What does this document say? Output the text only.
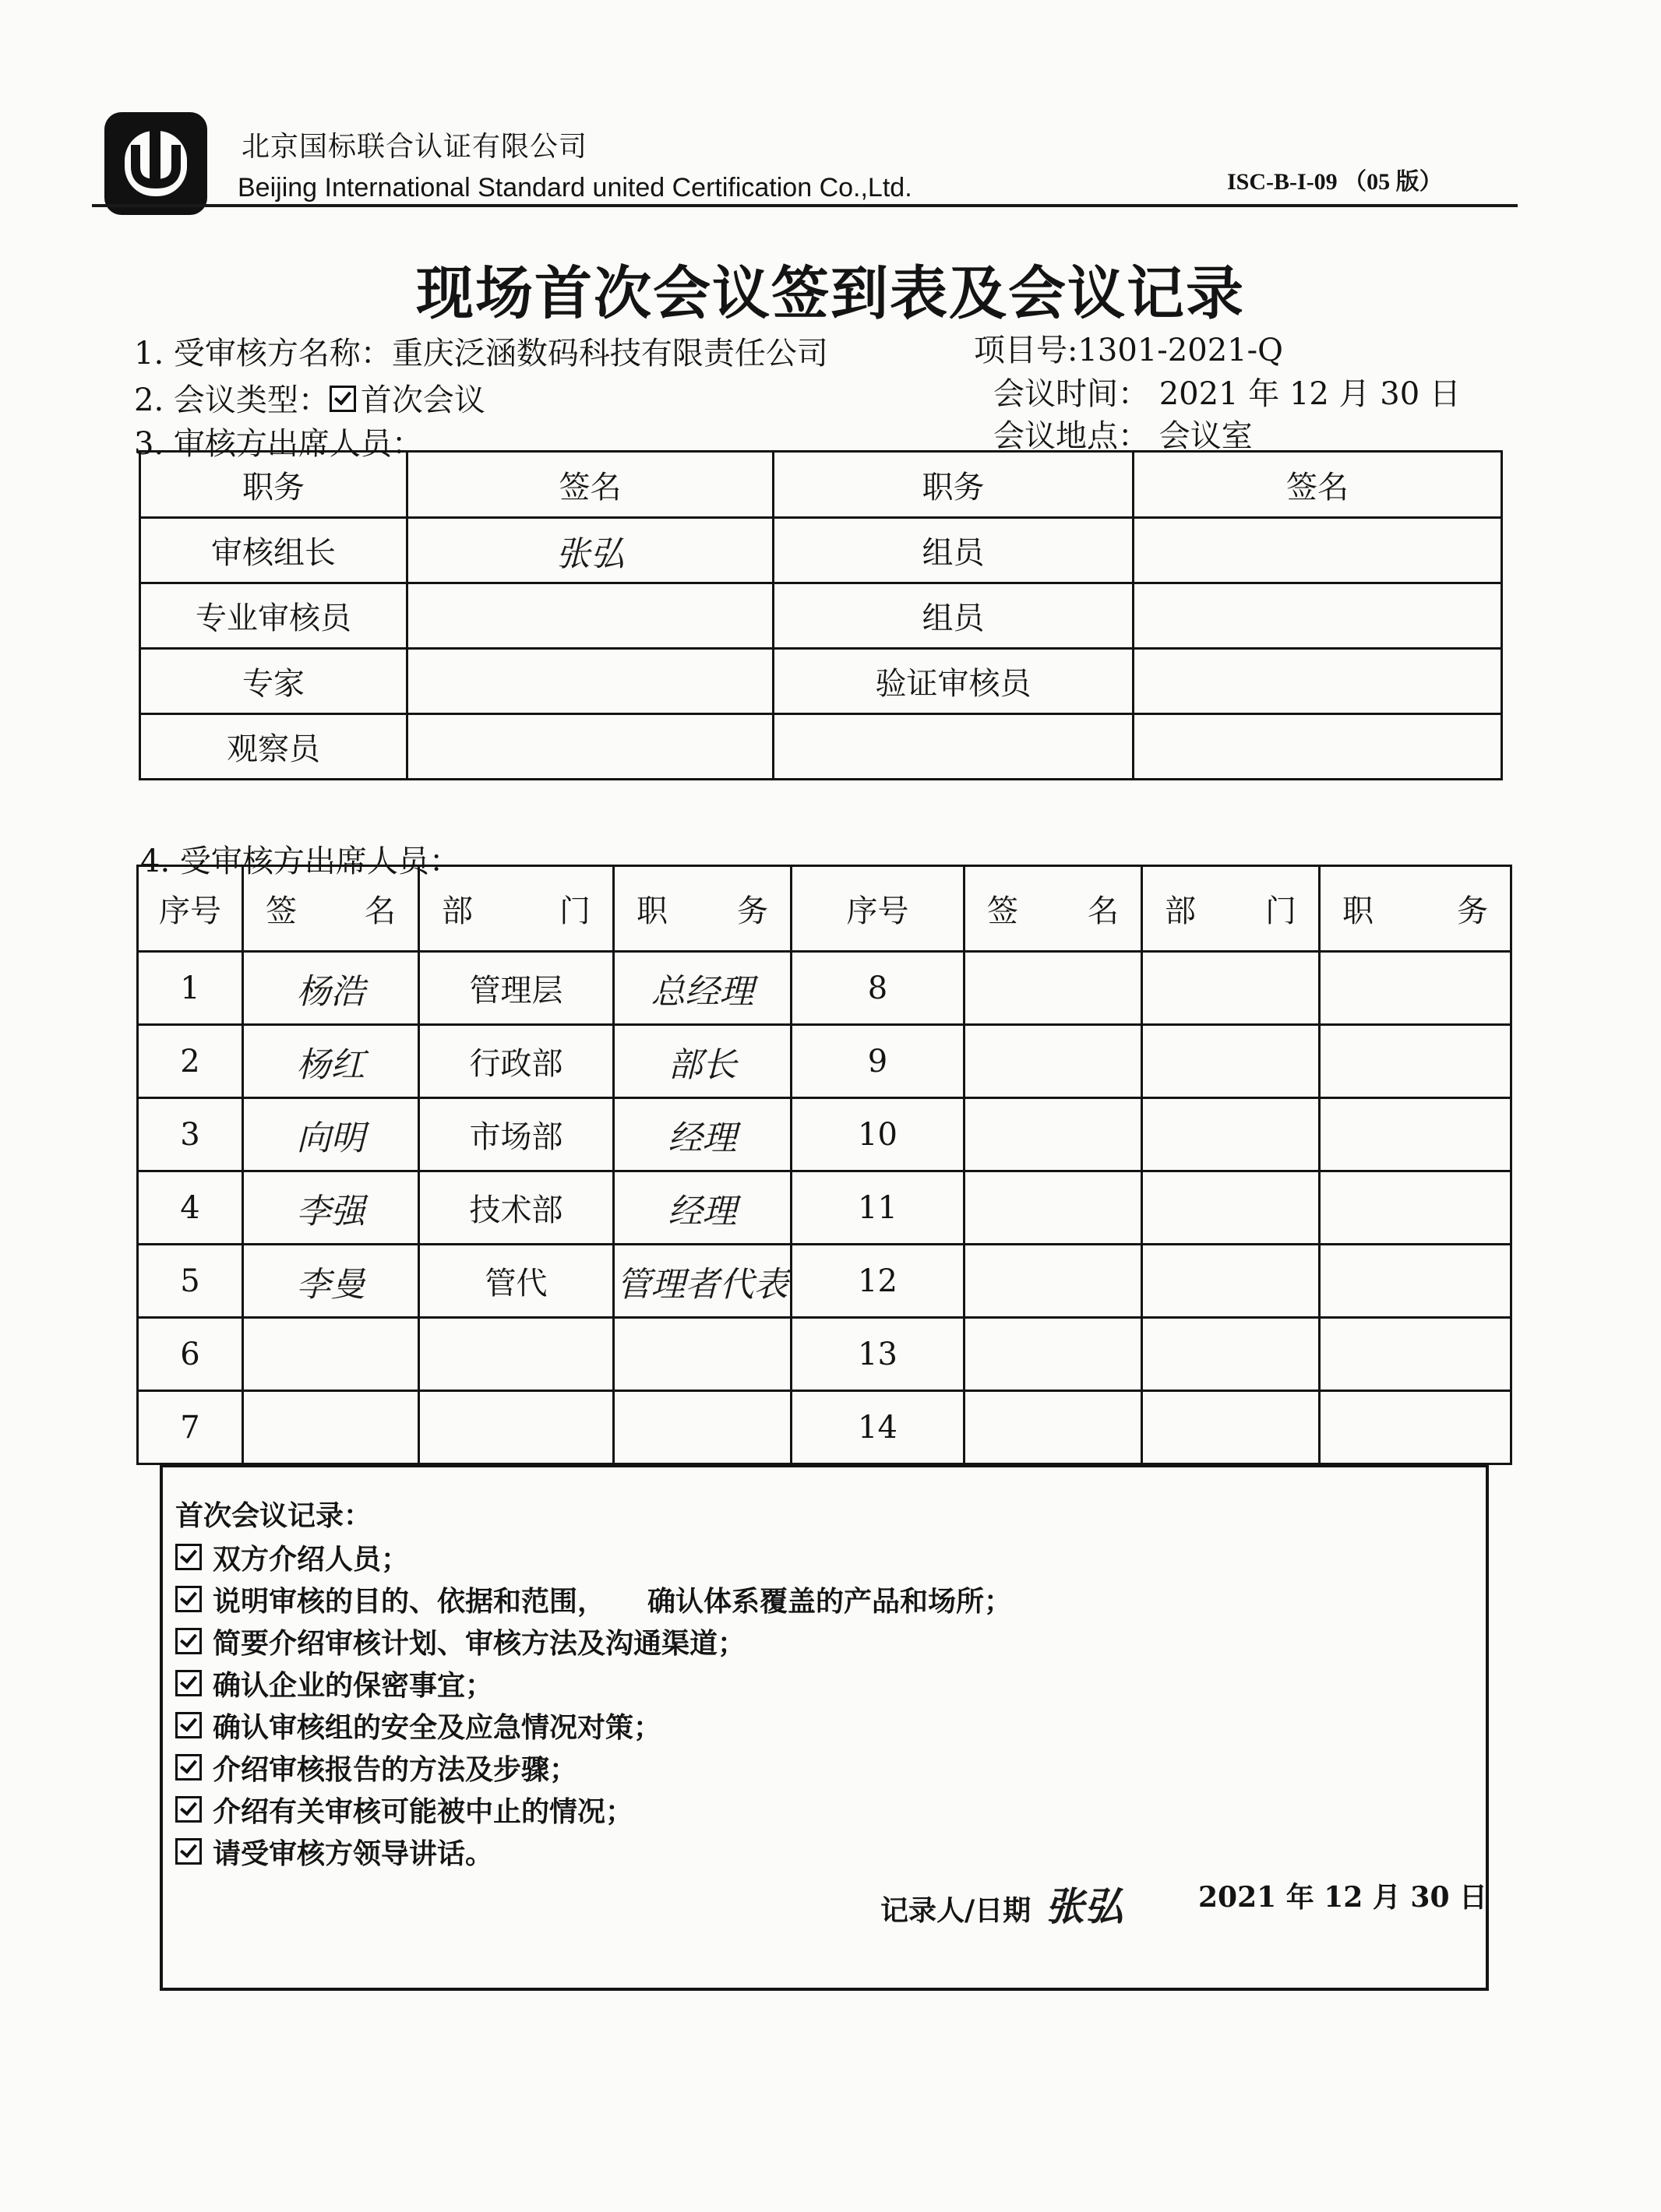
北京国标联合认证有限公司
Beijing International Standard united Certification Co.,Ltd.	ISC-B-I-09 （05 版）
现场首次会议签到表及会议记录
1. 受审核方名称：重庆泛涵数码科技有限责任公司	项目号:1301-2021-Q
2. 会议类型： 首次会议	会议时间： 2021 年 12 月 30 日
3. 审核方出席人员：	会议地点： 会议室
职务	签名	职务	签名
审核组长	张弘	组员	
专业审核员		组员	
专家		验证审核员	
观察员			
4. 受审核方出席人员：
序号	签 名	部 门	职 务	序号	签 名	部 门	职 务

1	杨浩	管理层	总经理	8			
2	杨红	行政部	部长	9			
3	向明	市场部	经理	10			
4	李强	技术部	经理	11			
5	李曼	管代	管理者代表	12			
6				13			
7				14			
首次会议记录：
双方介绍人员；
说明审核的目的、依据和范围，　　确认体系覆盖的产品和场所；
简要介绍审核计划、审核方法及沟通渠道；
确认企业的保密事宜；
确认审核组的安全及应急情况对策；
介绍审核报告的方法及步骤；
介绍有关审核可能被中止的情况；
请受审核方领导讲话。
记录人/日期 张弘	2021 年 12 月 30 日
